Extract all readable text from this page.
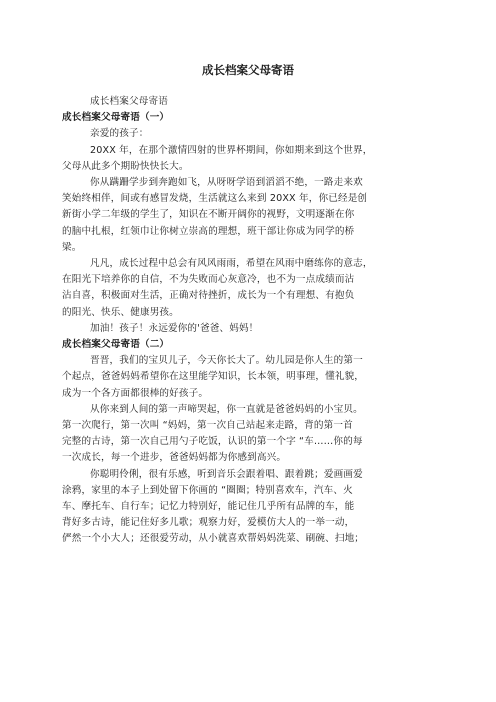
成长档案父母寄语
成长档案父母寄语
成长档案父母寄语（一）
亲爱的孩子：
20XX 年，在那个激情四射的世界杯期间，你如期来到这个世界，
父母从此多个期盼快快长大。
你从蹒跚学步到奔跑如飞，从呀呀学语到滔滔不绝，一路走来欢
笑始终相伴，间或有感冒发烧，生活就这么来到 20XX 年，你已经是创
新街小学二年级的学生了，知识在不断开阔你的视野，文明逐渐在你
的脑中扎根，红领巾让你树立崇高的理想，班干部让你成为同学的桥
梁。
凡凡，成长过程中总会有风风雨雨，希望在风雨中磨练你的意志，
在阳光下培养你的自信，不为失败而心灰意冷，也不为一点成绩而沾
沾自喜，积极面对生活，正确对待挫折，成长为一个有理想、有抱负
的阳光、快乐、健康男孩。
加油！孩子！永远爱你的'爸爸、妈妈！
成长档案父母寄语（二）
晋晋，我们的宝贝儿子，今天你长大了。幼儿园是你人生的第一
个起点，爸爸妈妈希望你在这里能学知识，长本领，明事理，懂礼貌，
成为一个各方面都很棒的好孩子。
从你来到人间的第一声啼哭起，你一直就是爸爸妈妈的小宝贝。
第一次爬行，第一次叫 “妈妈，第一次自己站起来走路，背的第一首
完整的古诗，第一次自己用勺子吃饭，认识的第一个字 “车……你的每
一次成长，每一个进步，爸爸妈妈都为你感到高兴。
你聪明伶俐，很有乐感，听到音乐会跟着唱、跟着跳；爱画画爱
涂鸦，家里的本子上到处留下你画的 “圈圈；特别喜欢车，汽车、火
车、摩托车、自行车；记忆力特别好，能记住几乎所有品牌的车，能
背好多古诗，能记住好多儿歌；观察力好，爱模仿大人的一举一动，
俨然一个小大人；还很爱劳动，从小就喜欢帮妈妈洗菜、刷碗、扫地；
